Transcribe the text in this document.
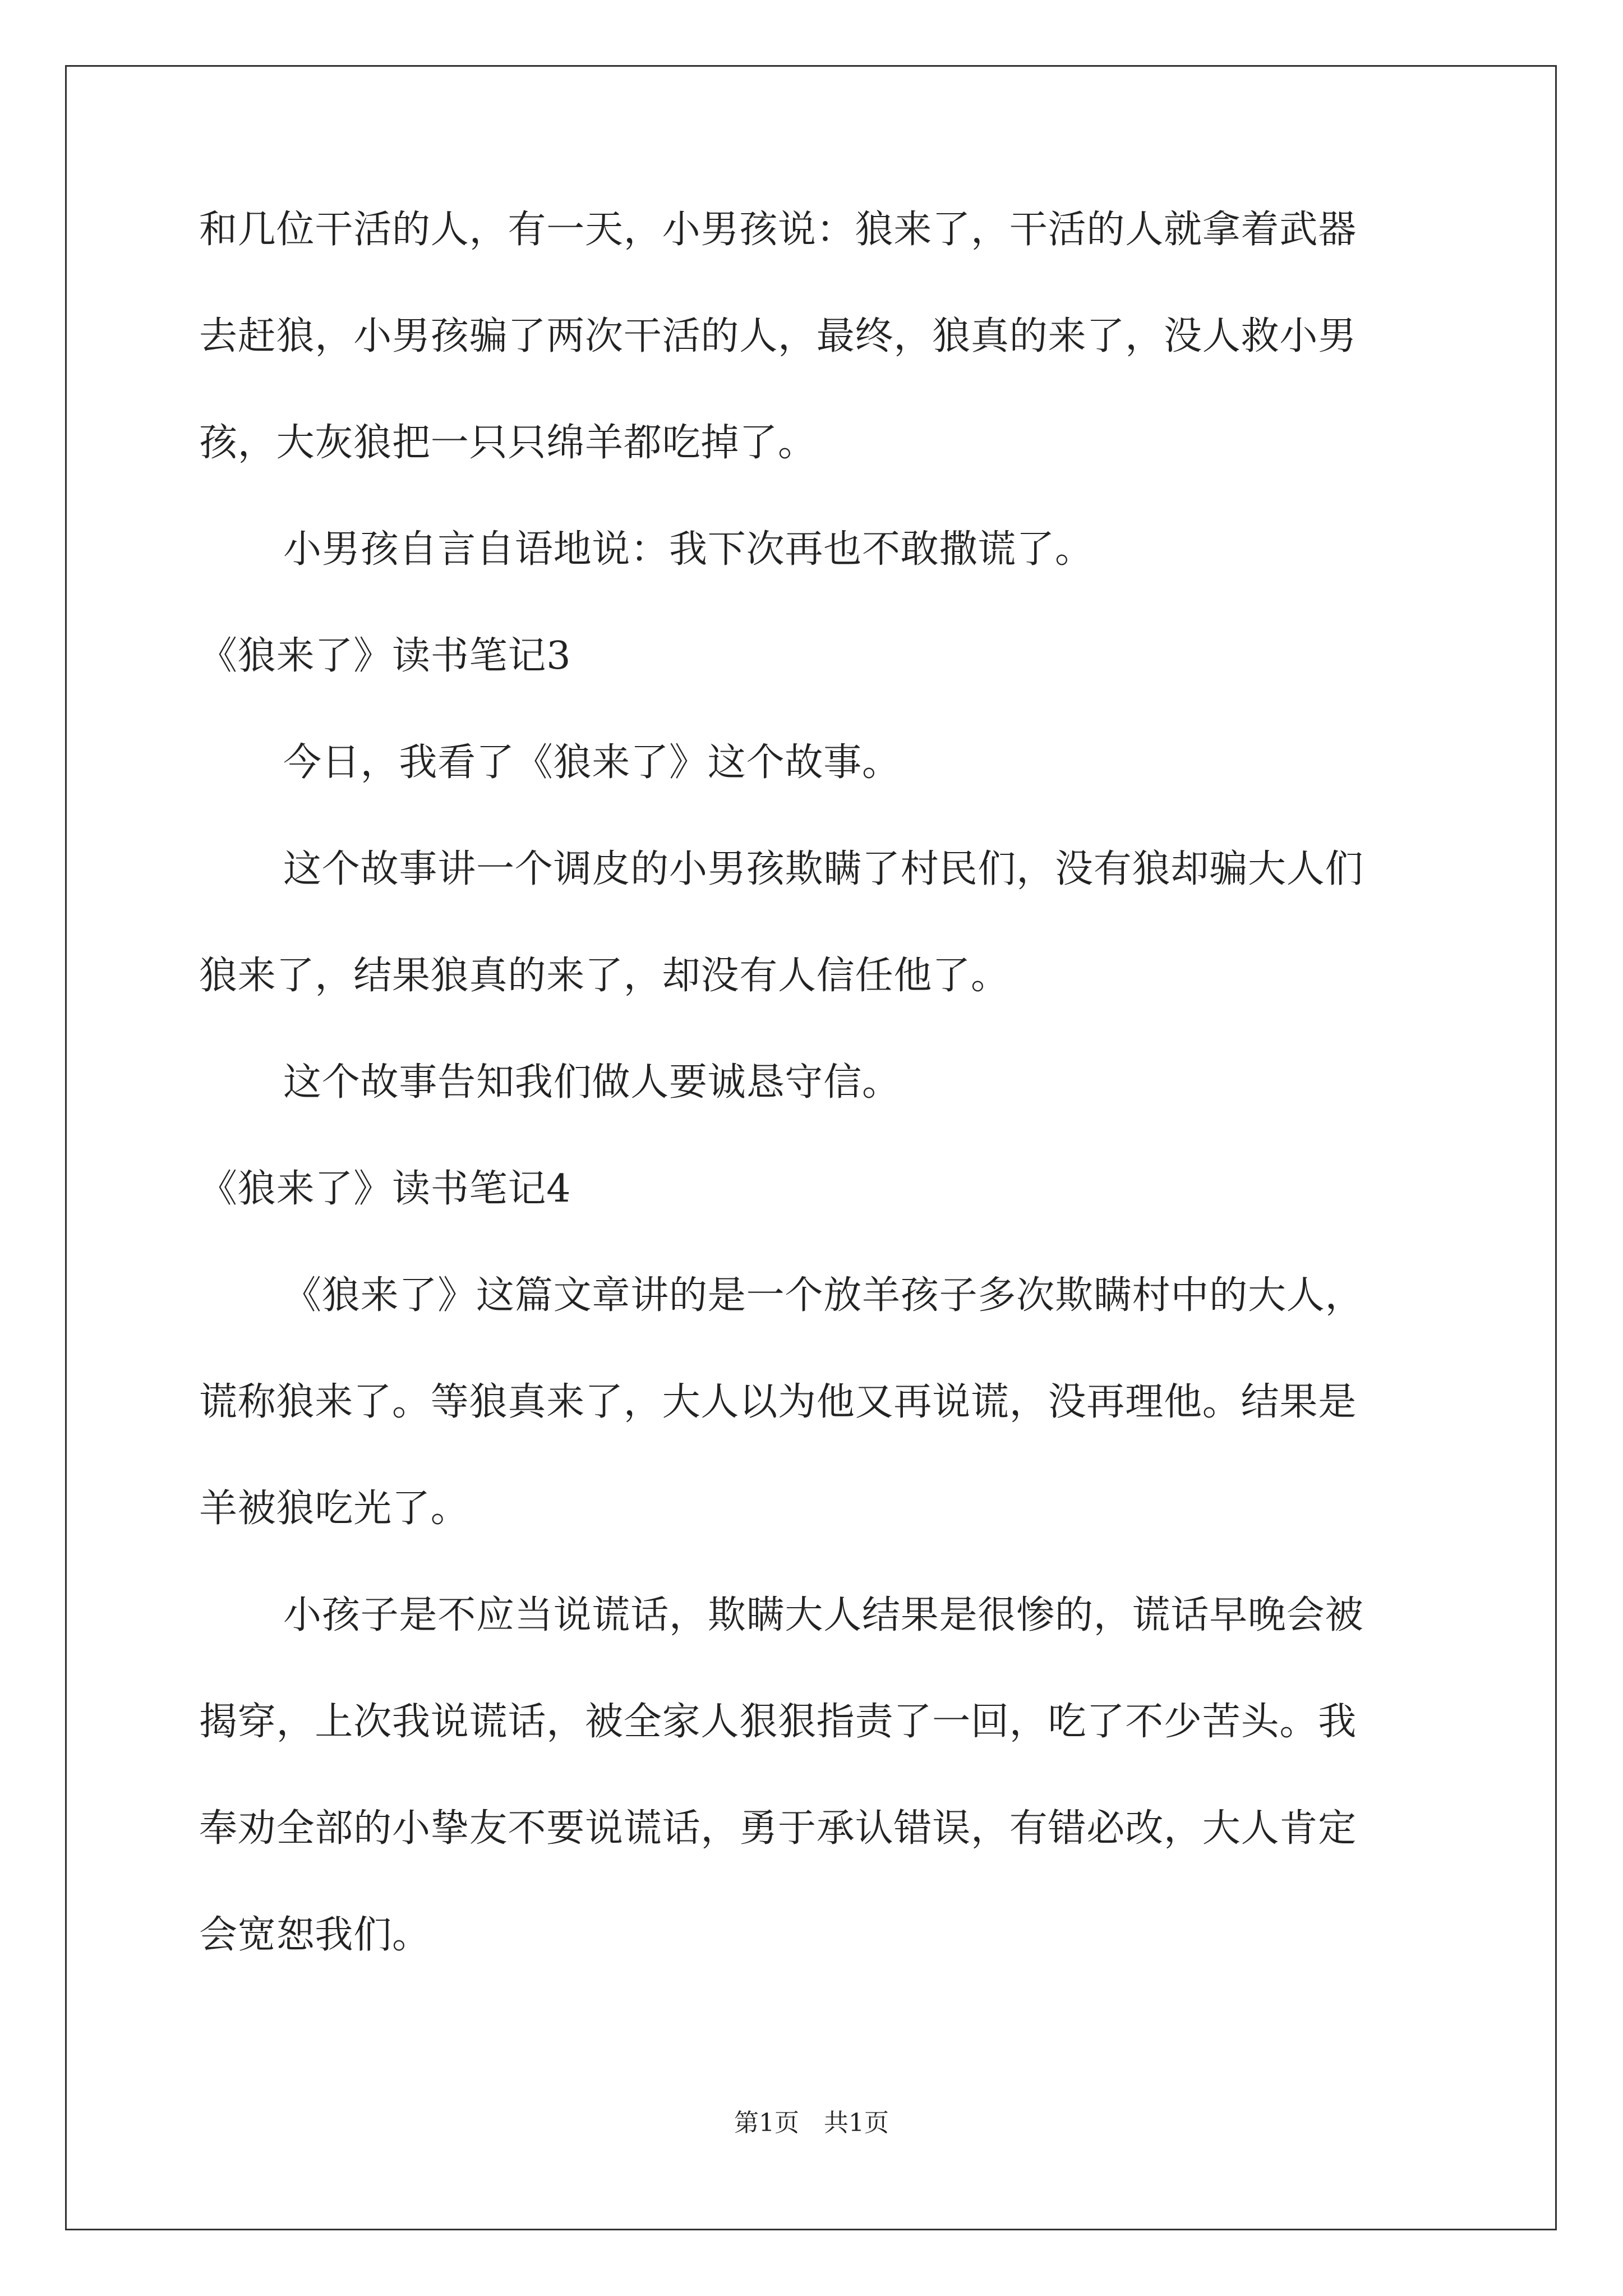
和几位干活的人，有一天，小男孩说：狼来了，干活的人就拿着武器
去赶狼，小男孩骗了两次干活的人，最终，狼真的来了，没人救小男
孩，大灰狼把一只只绵羊都吃掉了。
小男孩自言自语地说：我下次再也不敢撒谎了。
《狼来了》读书笔记3
今日，我看了《狼来了》这个故事。
这个故事讲一个调皮的小男孩欺瞒了村民们，没有狼却骗大人们
狼来了，结果狼真的来了，却没有人信任他了。
这个故事告知我们做人要诚恳守信。
《狼来了》读书笔记4
《狼来了》这篇文章讲的是一个放羊孩子多次欺瞒村中的大人，
谎称狼来了。等狼真来了，大人以为他又再说谎，没再理他。结果是
羊被狼吃光了。
小孩子是不应当说谎话，欺瞒大人结果是很惨的，谎话早晚会被
揭穿，上次我说谎话，被全家人狠狠指责了一回，吃了不少苦头。我
奉劝全部的小挚友不要说谎话，勇于承认错误，有错必改，大人肯定
会宽恕我们。
第1页　共1页
